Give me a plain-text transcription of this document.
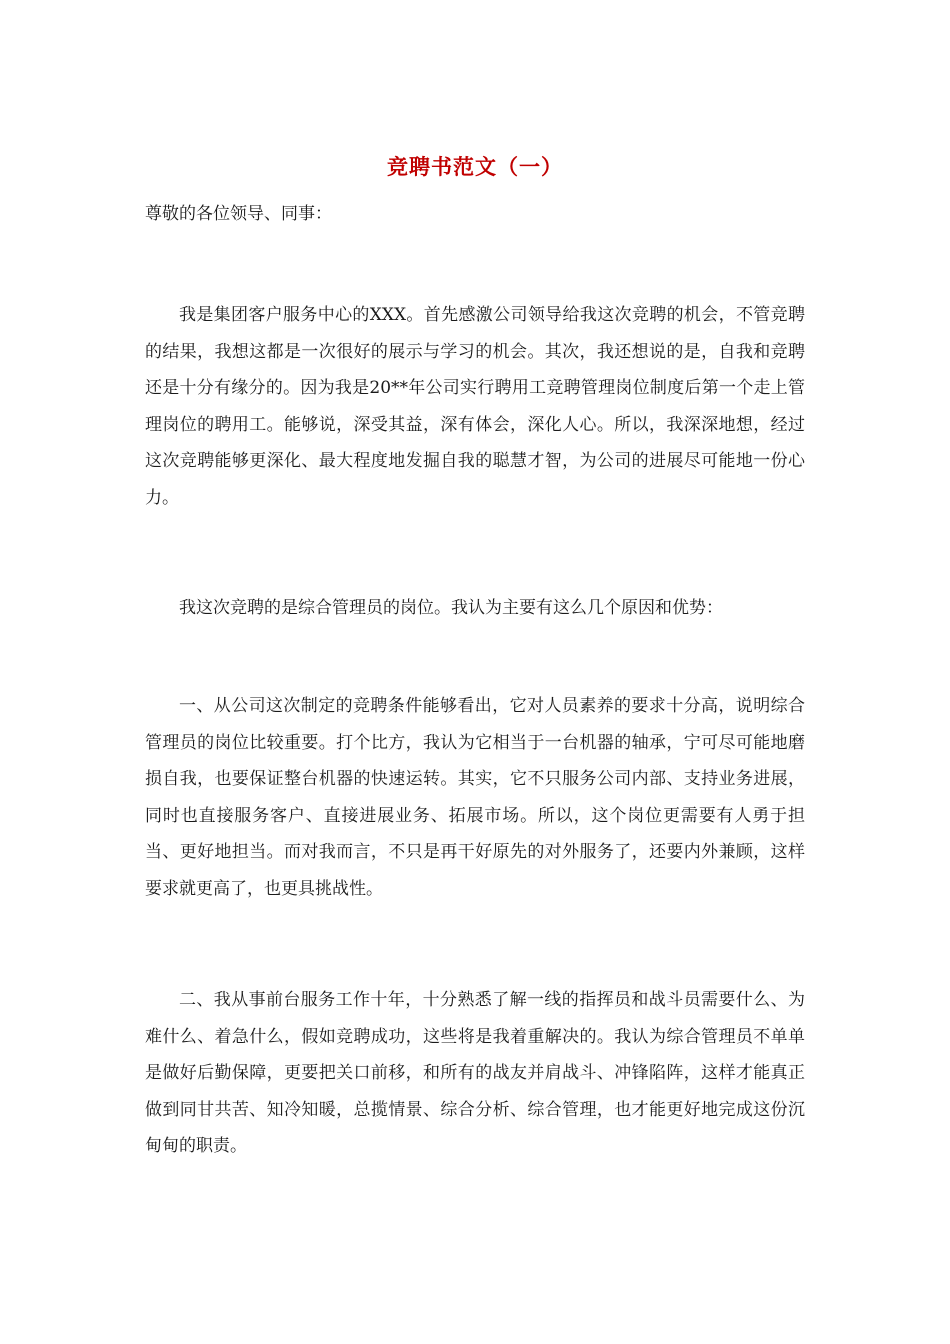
竞聘书范文（一）
尊敬的各位领导、同事：

我是集团客户服务中心的XXX。首先感激公司领导给我这次竞聘的机会，不管竞聘的结果，我想这都是一次很好的展示与学习的机会。其次，我还想说的是，自我和竞聘还是十分有缘分的。因为我是20**年公司实行聘用工竞聘管理岗位制度后第一个走上管理岗位的聘用工。能够说，深受其益，深有体会，深化人心。所以，我深深地想，经过这次竞聘能够更深化、最大程度地发掘自我的聪慧才智，为公司的进展尽可能地一份心力。

我这次竞聘的是综合管理员的岗位。我认为主要有这么几个原因和优势：

一、从公司这次制定的竞聘条件能够看出，它对人员素养的要求十分高，说明综合管理员的岗位比较重要。打个比方，我认为它相当于一台机器的轴承，宁可尽可能地磨损自我，也要保证整台机器的快速运转。其实，它不只服务公司内部、支持业务进展，同时也直接服务客户、直接进展业务、拓展市场。所以，这个岗位更需要有人勇于担当、更好地担当。而对我而言，不只是再干好原先的对外服务了，还要内外兼顾，这样要求就更高了，也更具挑战性。

二、我从事前台服务工作十年，十分熟悉了解一线的指挥员和战斗员需要什么、为难什么、着急什么，假如竞聘成功，这些将是我着重解决的。我认为综合管理员不单单是做好后勤保障，更要把关口前移，和所有的战友并肩战斗、冲锋陷阵，这样才能真正做到同甘共苦、知冷知暖，总揽情景、综合分析、综合管理，也才能更好地完成这份沉甸甸的职责。
